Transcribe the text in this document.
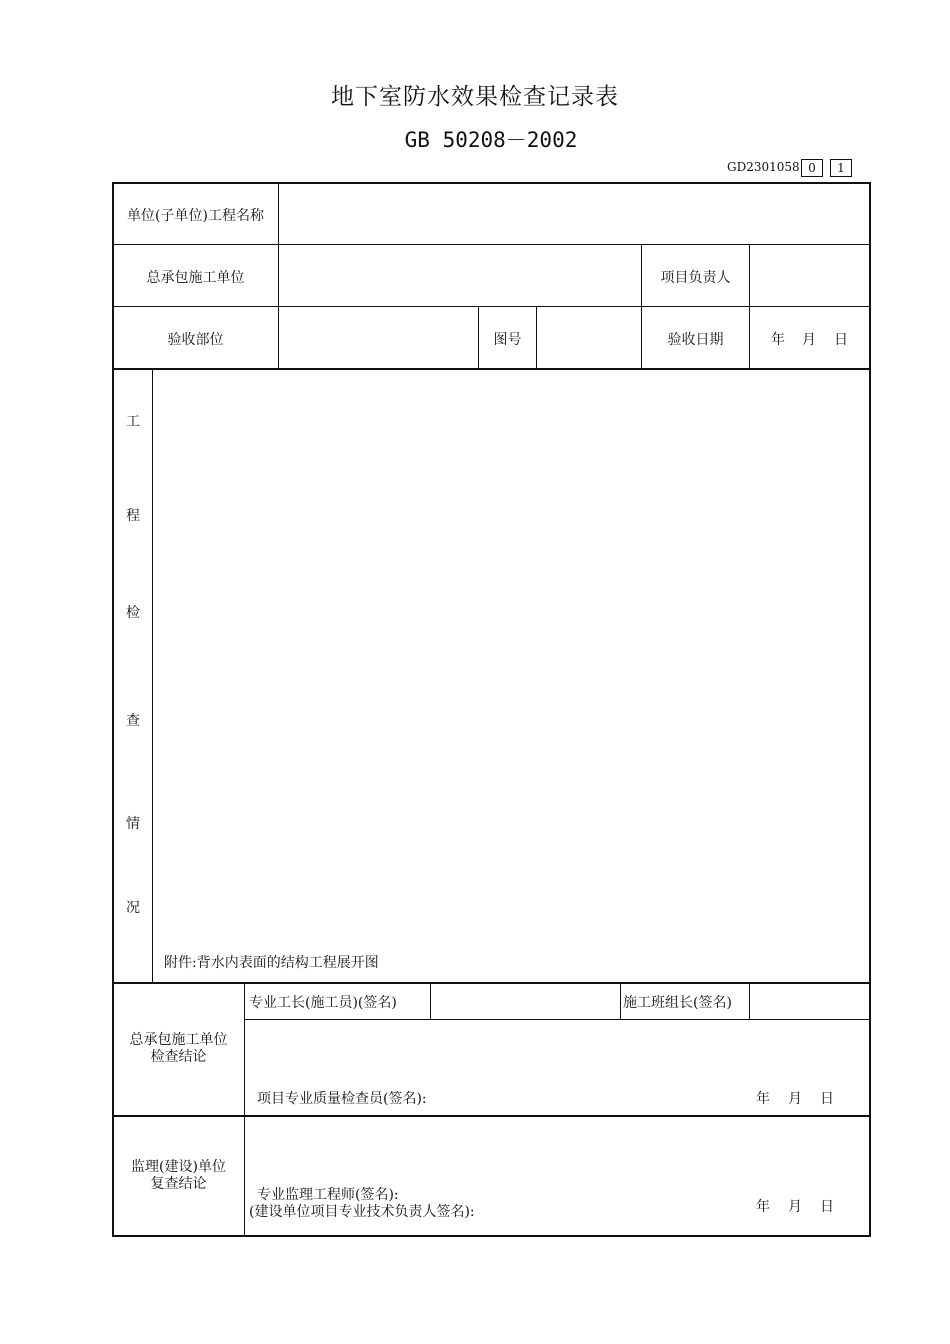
地下室防水效果检查记录表
GB 50208－2002
GD2301058 0	1
单位(子单位)工程名称
总承包施工单位	项目负责人
验收部位	图号	验收日期	年 月 日
工
程
检
查
情
况
附件:背水内表面的结构工程展开图
总承包施工单位
检查结论
专业工长(施工员)(签名)	施工班组长(签名)
项目专业质量检查员(签名):	年 月 日
监理(建设)单位
复查结论
专业监理工程师(签名):
(建设单位项目专业技术负责人签名):	年 月 日
